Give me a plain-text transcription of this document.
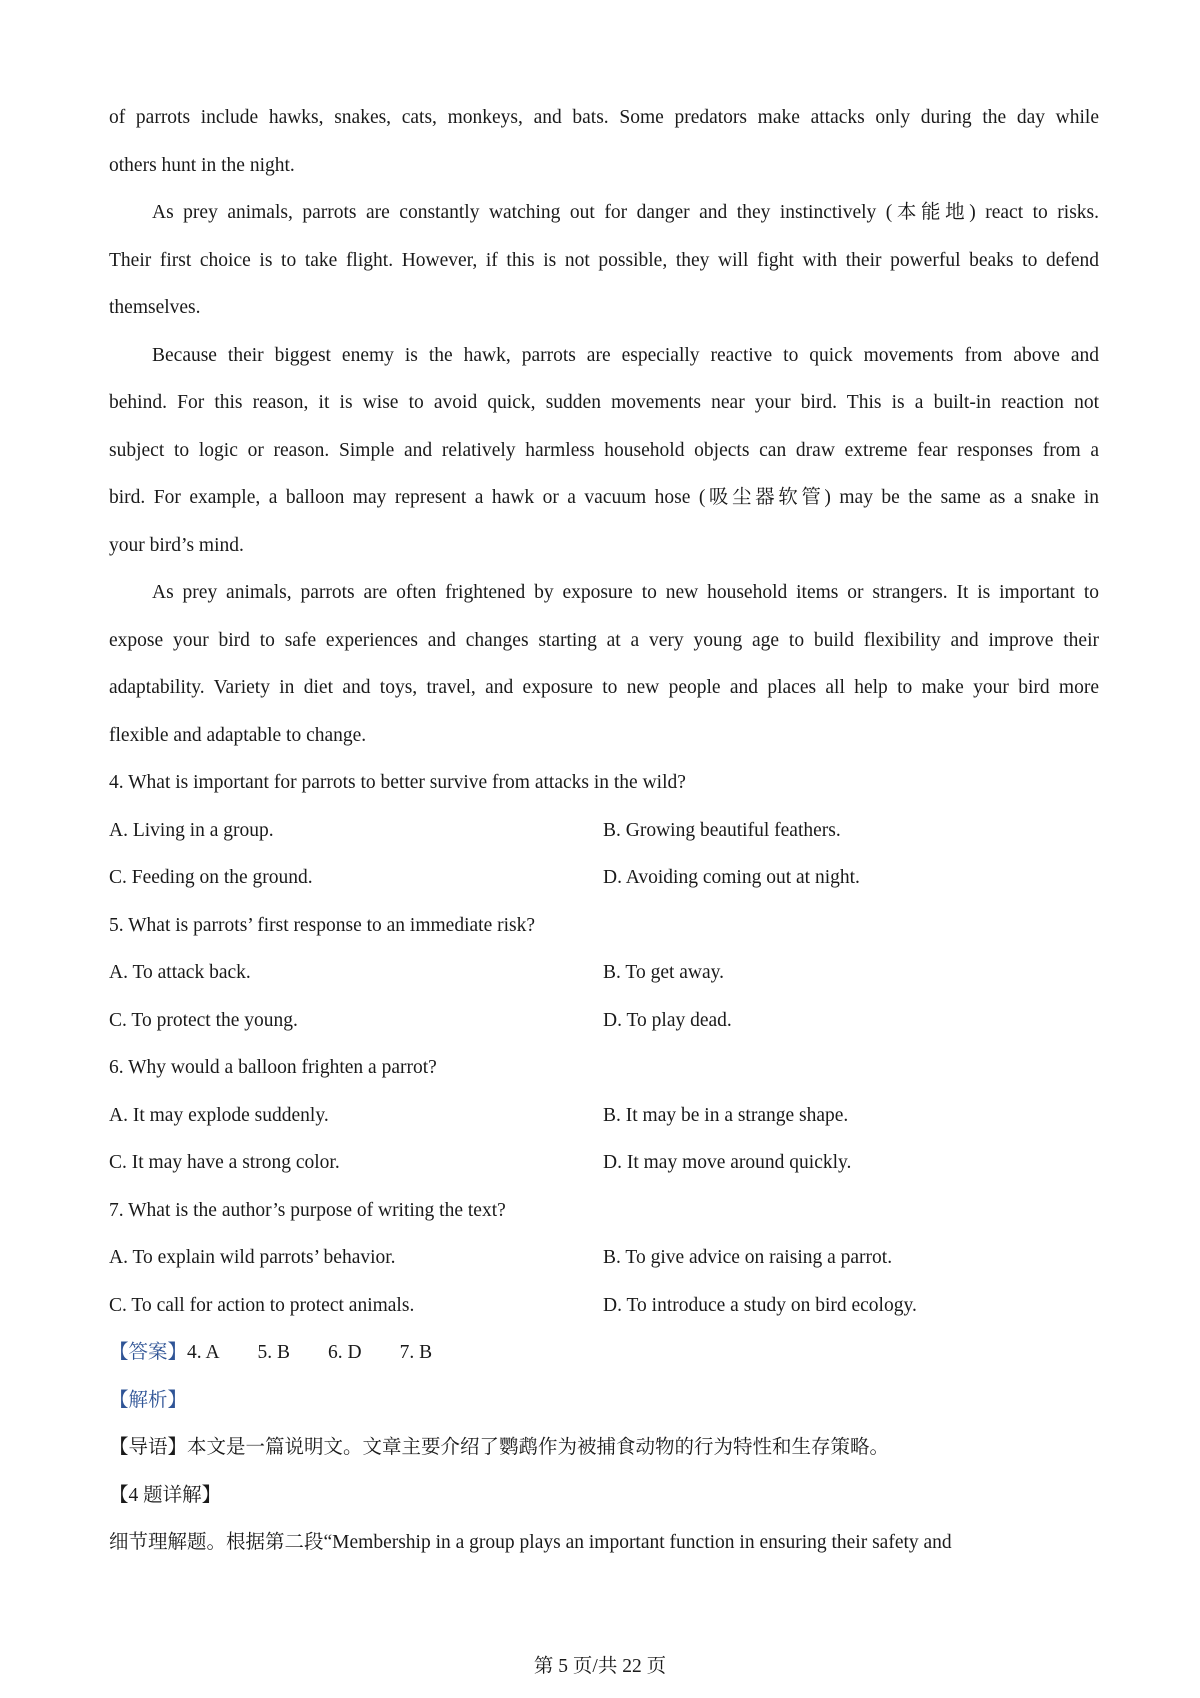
of parrots include hawks, snakes, cats, monkeys, and bats. Some predators make attacks only during the day while
others hunt in the night.
As prey animals, parrots are constantly watching out for danger and they instinctively (本能地) react to risks.
Their first choice is to take flight. However, if this is not possible, they will fight with their powerful beaks to defend
themselves.
Because their biggest enemy is the hawk, parrots are especially reactive to quick movements from above and
behind. For this reason, it is wise to avoid quick, sudden movements near your bird. This is a built-in reaction not
subject to logic or reason. Simple and relatively harmless household objects can draw extreme fear responses from a
bird. For example, a balloon may represent a hawk or a vacuum hose (吸尘器软管) may be the same as a snake in
your bird’s mind.
As prey animals, parrots are often frightened by exposure to new household items or strangers. It is important to
expose your bird to safe experiences and changes starting at a very young age to build flexibility and improve their
adaptability. Variety in diet and toys, travel, and exposure to new people and places all help to make your bird more
flexible and adaptable to change.
4. What is important for parrots to better survive from attacks in the wild?
A. Living in a group.	B. Growing beautiful feathers.
C. Feeding on the ground.	D. Avoiding coming out at night.
5. What is parrots’ first response to an immediate risk?
A. To attack back.	B. To get away.
C. To protect the young.	D. To play dead.
6. Why would a balloon frighten a parrot?
A. It may explode suddenly.	B. It may be in a strange shape.
C. It may have a strong color.	D. It may move around quickly.
7. What is the author’s purpose of writing the text?
A. To explain wild parrots’ behavior.	B. To give advice on raising a parrot.
C. To call for action to protect animals.	D. To introduce a study on bird ecology.
【答案】 4. A 5. B 6. D 7. B
【解析】
【导语】本文是一篇说明文。文章主要介绍了鹦鹉作为被捕食动物的行为特性和生存策略。
【4 题详解】
细节理解题。根据第二段“Membership in a group plays an important function in ensuring their safety and
第 5 页/共 22 页
